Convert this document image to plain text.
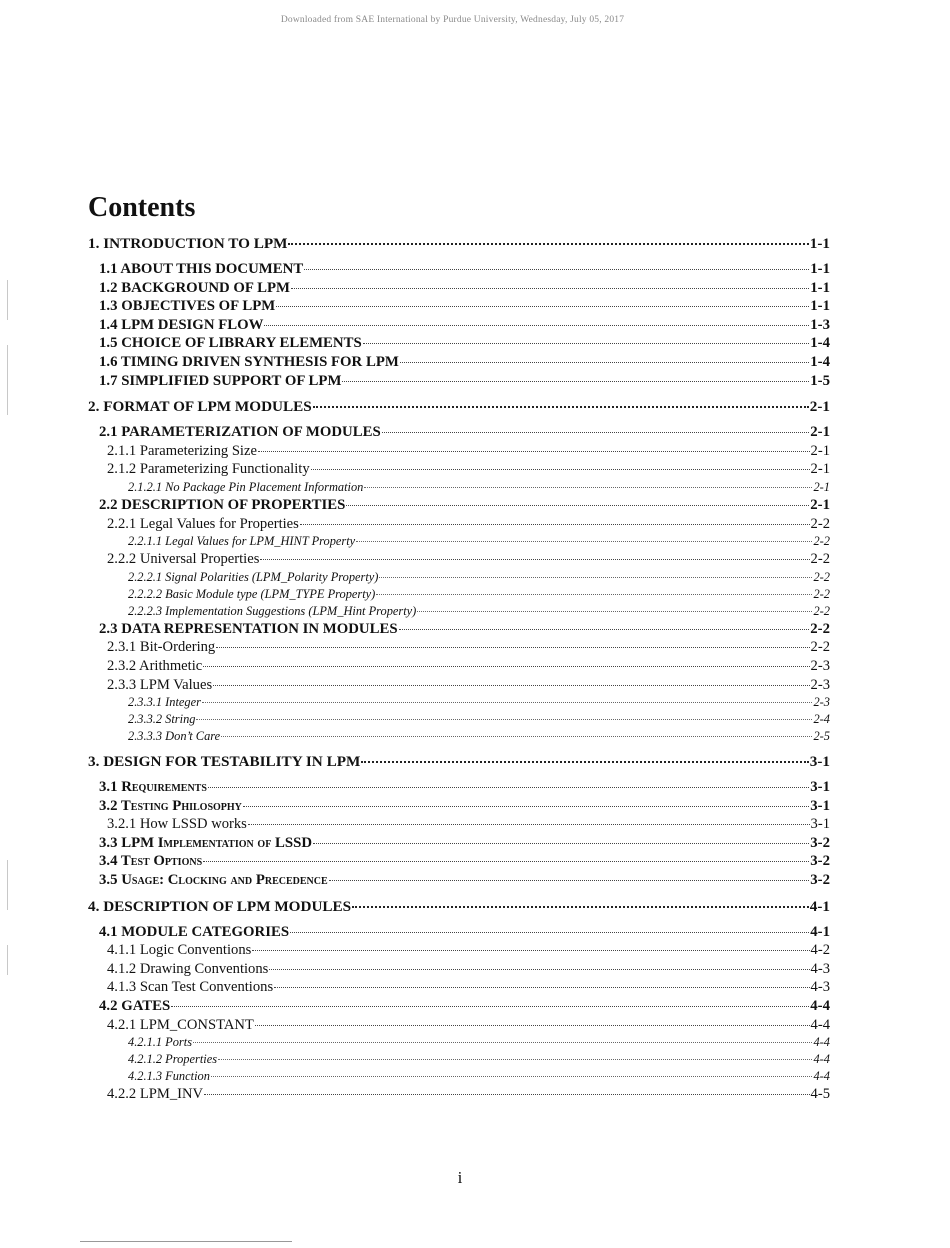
Downloaded from SAE International by Purdue University, Wednesday, July 05, 2017
Contents
1. INTRODUCTION TO LPM	1-1
1.1 ABOUT THIS DOCUMENT	1-1
1.2 BACKGROUND OF LPM	1-1
1.3 OBJECTIVES OF LPM	1-1
1.4 LPM DESIGN FLOW	1-3
1.5 CHOICE OF LIBRARY ELEMENTS	1-4
1.6 TIMING DRIVEN SYNTHESIS FOR LPM	1-4
1.7 SIMPLIFIED SUPPORT OF LPM	1-5
2. FORMAT OF LPM MODULES	2-1
2.1 PARAMETERIZATION OF MODULES	2-1
2.1.1 Parameterizing Size	2-1
2.1.2 Parameterizing Functionality	2-1
2.1.2.1 No Package Pin Placement Information	2-1
2.2 DESCRIPTION OF PROPERTIES	2-1
2.2.1 Legal Values for Properties	2-2
2.2.1.1 Legal Values for LPM_HINT Property	2-2
2.2.2 Universal Properties	2-2
2.2.2.1 Signal Polarities (LPM_Polarity Property)	2-2
2.2.2.2 Basic Module type (LPM_TYPE Property)	2-2
2.2.2.3 Implementation Suggestions (LPM_Hint Property)	2-2
2.3 DATA REPRESENTATION IN MODULES	2-2
2.3.1 Bit-Ordering	2-2
2.3.2 Arithmetic	2-3
2.3.3 LPM Values	2-3
2.3.3.1 Integer	2-3
2.3.3.2 String	2-4
2.3.3.3 Don’t Care	2-5
3. DESIGN FOR TESTABILITY IN LPM	3-1
3.1 Requirements	3-1
3.2 Testing Philosophy	3-1
3.2.1 How LSSD works	3-1
3.3 LPM Implementation of LSSD	3-2
3.4 Test Options	3-2
3.5 Usage: Clocking and Precedence	3-2
4. DESCRIPTION OF LPM MODULES	4-1
4.1 MODULE CATEGORIES	4-1
4.1.1 Logic Conventions	4-2
4.1.2 Drawing Conventions	4-3
4.1.3 Scan Test Conventions	4-3
4.2 GATES	4-4
4.2.1 LPM_CONSTANT	4-4
4.2.1.1 Ports	4-4
4.2.1.2 Properties	4-4
4.2.1.3 Function	4-4
4.2.2 LPM_INV	4-5
i
